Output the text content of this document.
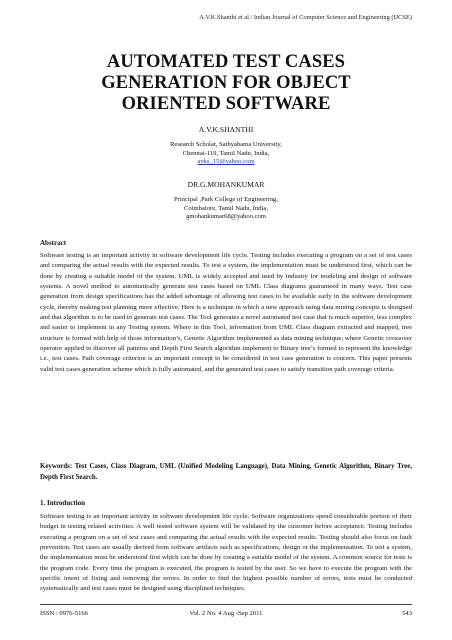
A.V.K.Shanthi et al./ Indian Journal of Computer Science and Engineering (IJCSE)
AUTOMATED TEST CASES
GENERATION FOR OBJECT
ORIENTED SOFTWARE
A.V.K.SHANTHI
Research Scholar, Sathyabama University,
Chennai-119, Tamil Nadu, India,
avks_15@yahoo.com
DR.G.MOHANKUMAR
Principal ,Park College of Engineering,
Coimbatore, Tamil Nadu, India,
gmohankumar68@yahoo.com
Abstract
Software testing is an important activity in software development life cycle. Testing includes executing a program on a set of test cases and comparing the actual results with the expected results. To test a system, the implementation must be understood first, which can be done by creating a suitable model of the system. UML is widely accepted and used by industry for modeling and design of software systems. A novel method to automatically generate test cases based on UML Class diagrams guaranteed in many ways. Test case generation from design specifications has the added advantage of allowing test cases to be available early in the software development cycle, thereby making test planning more effective. Here is a technique in which a new approach using data mining concepts is designed and that algorithm is to be used to generate test cases. The Tool generates a novel automated test case that is much superior, less complex and easier to implement in any Testing system. Where in this Tool, information from UML Class diagram extracted and mapped, tree structure is formed with help of those information’s, Genetic Algorithm implemented as data mining technique, where Genetic crossover operator applied to discover all patterns and Depth First Search algorithm implement to Binary tree’s formed to represent the knowledge i.e., test cases. Path coverage criterion is an important concept to be considered in test case generation is concern. This paper presents valid test cases generation scheme which is fully automated, and the generated test cases to satisfy transition path coverage criteria.
Keywords: Test Cases, Class Diagram, UML (Unified Modeling Language), Data Mining, Genetic Algorithm, Binary Tree, Depth First Search.
1. Introduction
Software testing is an important activity in software development life cycle. Software organizations spend considerable portion of their budget in testing related activities. A well tested software system will be validated by the customer before acceptance. Testing includes executing a program on a set of test cases and comparing the actual results with the expected results. Testing should also focus on fault prevention. Test cases are usually derived from software artifacts such as specifications, design or the implementation. To test a system, the implementation must be understood first which can be done by creating a suitable model of the system. A common source for tests is the program code. Every time the program is executed, the program is tested by the user. So we have to execute the program with the specific intent of fixing and removing the errors. In order to find the highest possible number of errors, tests must be conducted systematically and test cases must be designed using disciplined techniques.
ISSN : 0976-5166	Vol. 2 No. 4 Aug -Sep 2011	543
